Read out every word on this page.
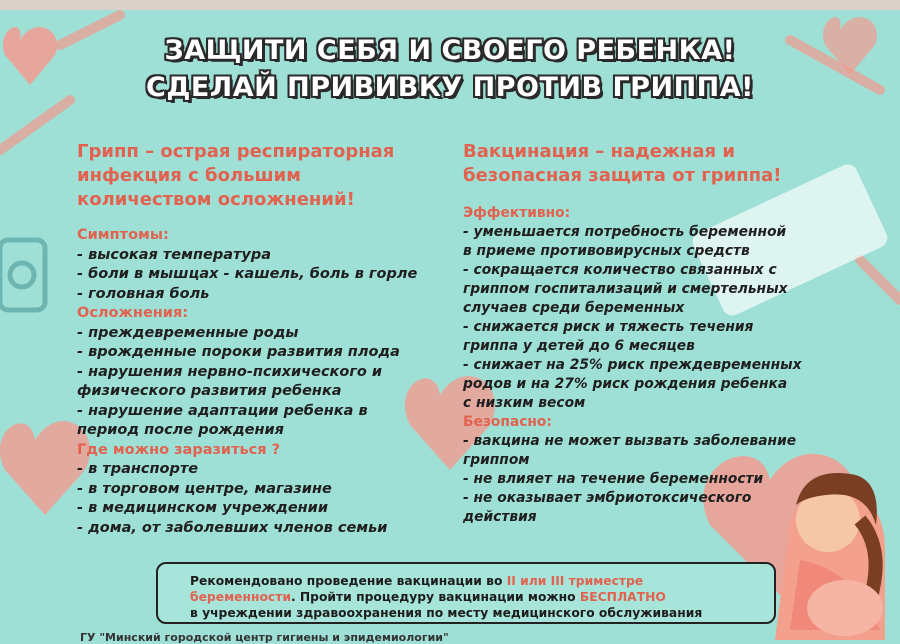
ЗАЩИТИ СЕБЯ И СВОЕГО РЕБЕНКА!
СДЕЛАЙ ПРИВИВКУ ПРОТИВ ГРИППА!
Грипп – острая респираторная
инфекция с большим
количеством осложнений!
Симптомы:
- высокая температура
- боли в мышцах - кашель, боль в горле
- головная боль
Осложнения:
- преждевременные роды
- врожденные пороки развития плода
- нарушения нервно-психического и
физического развития ребенка
- нарушение адаптации ребенка в
период после рождения
Где можно заразиться ?
- в транспорте
- в торговом центре, магазине
- в медицинском учреждении
- дома, от заболевших членов семьи
Вакцинация – надежная и
безопасная защита от гриппа!
Эффективно:
- уменьшается потребность беременной
в приеме противовирусных средств
- сокращается количество связанных с
гриппом госпитализаций и смертельных
случаев среди беременных
- снижается риск и тяжесть течения
гриппа у детей до 6 месяцев
- снижает на 25% риск преждевременных
родов и на 27% риск рождения ребенка
с низким весом
Безопасно:
- вакцина не может вызвать заболевание
гриппом
- не влияет на течение беременности
- не оказывает эмбриотоксического
действия
Рекомендовано проведение вакцинации во II или III триместре
беременности. Пройти процедуру вакцинации можно БЕСПЛАТНО
в учреждении здравоохранения по месту медицинского обслуживания
ГУ "Минский городской центр гигиены и эпидемиологии"
